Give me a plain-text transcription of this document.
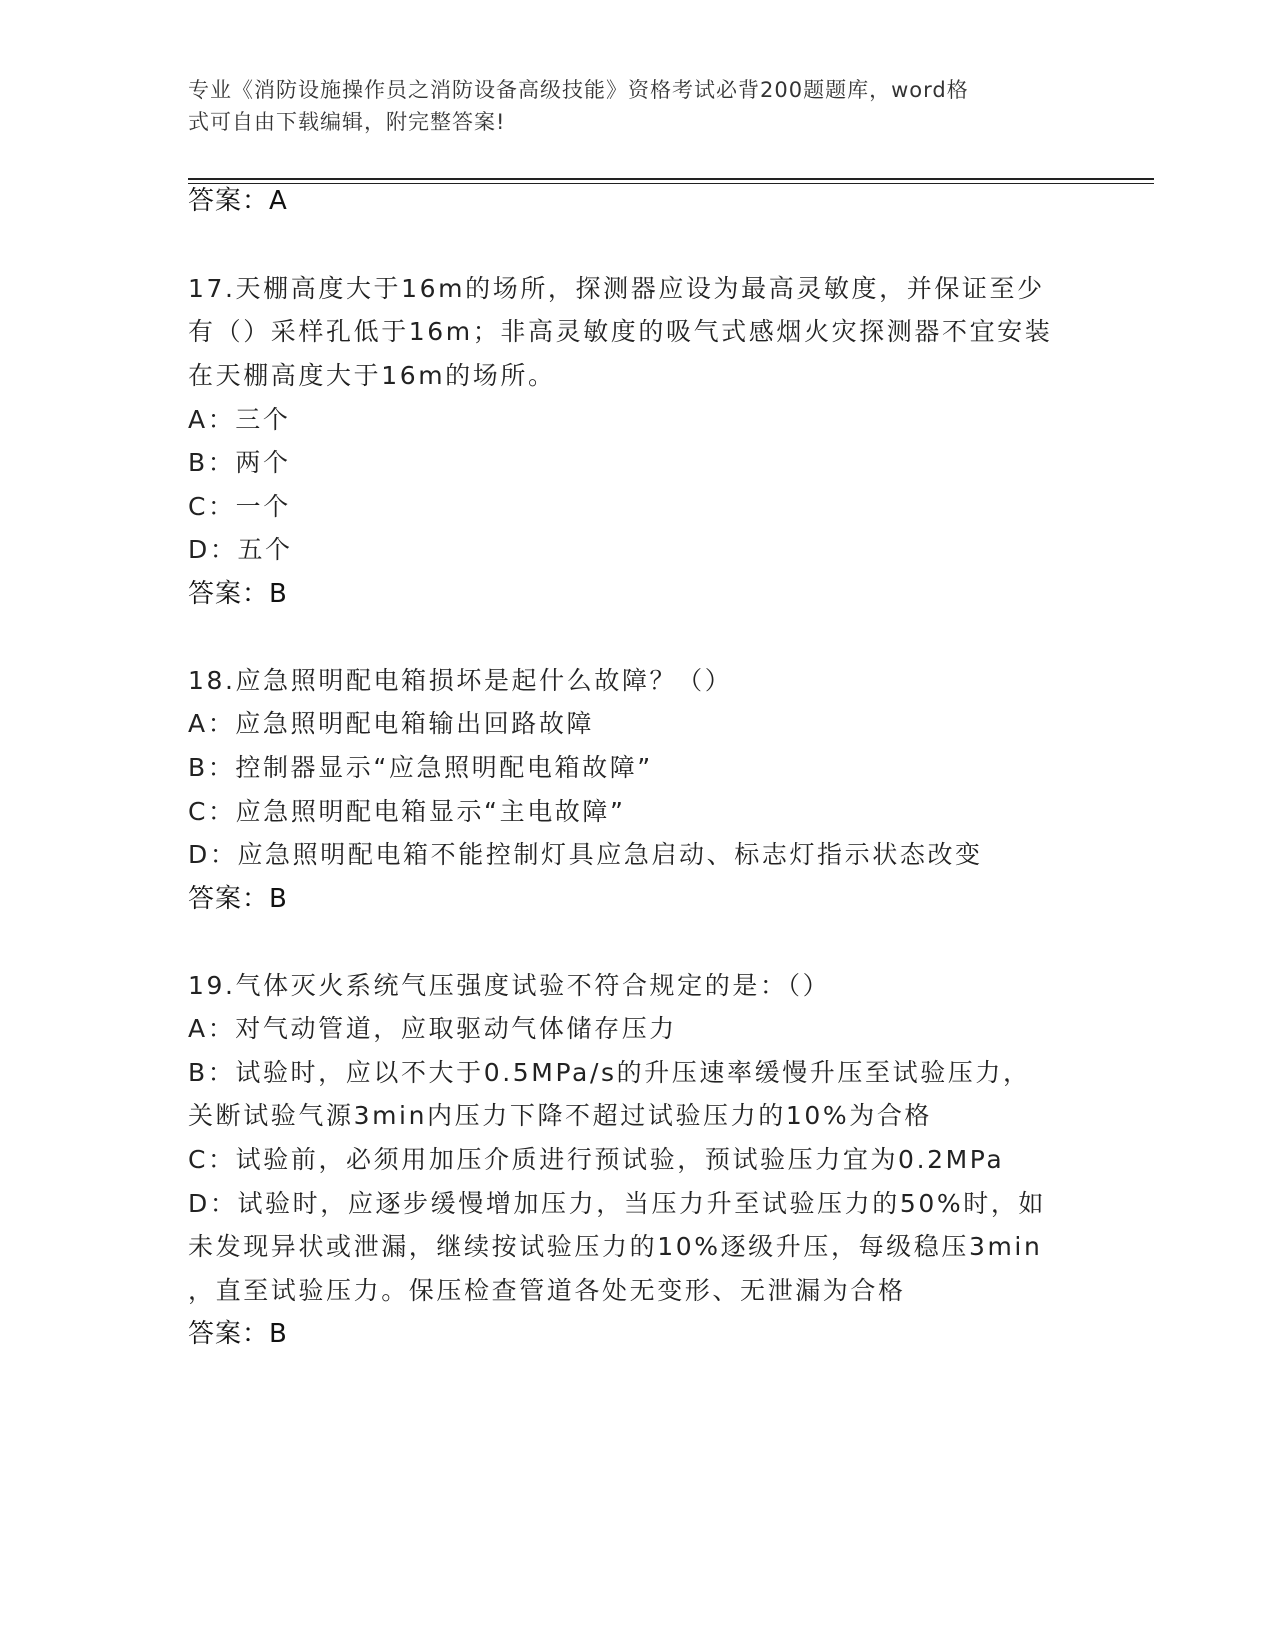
专业《消防设施操作员之消防设备高级技能》资格考试必背200题题库，word格
式可自由下载编辑，附完整答案!
答案：A
17.天棚高度大于16m的场所，探测器应设为最高灵敏度，并保证至少
有（）采样孔低于16m；非高灵敏度的吸气式感烟火灾探测器不宜安装
在天棚高度大于16m的场所。
A：三个
B：两个
C：一个
D：五个
答案：B
18.应急照明配电箱损坏是起什么故障？（）
A：应急照明配电箱输出回路故障
B：控制器显示“应急照明配电箱故障”
C：应急照明配电箱显示“主电故障”
D：应急照明配电箱不能控制灯具应急启动、标志灯指示状态改变
答案：B
19.气体灭火系统气压强度试验不符合规定的是：（）
A：对气动管道，应取驱动气体储存压力
B：试验时，应以不大于0.5MPa/s的升压速率缓慢升压至试验压力，
关断试验气源3min内压力下降不超过试验压力的10%为合格
C：试验前，必须用加压介质进行预试验，预试验压力宜为0.2MPa
D：试验时，应逐步缓慢增加压力，当压力升至试验压力的50%时，如
未发现异状或泄漏，继续按试验压力的10%逐级升压，每级稳压3min
，直至试验压力。保压检查管道各处无变形、无泄漏为合格
答案：B
